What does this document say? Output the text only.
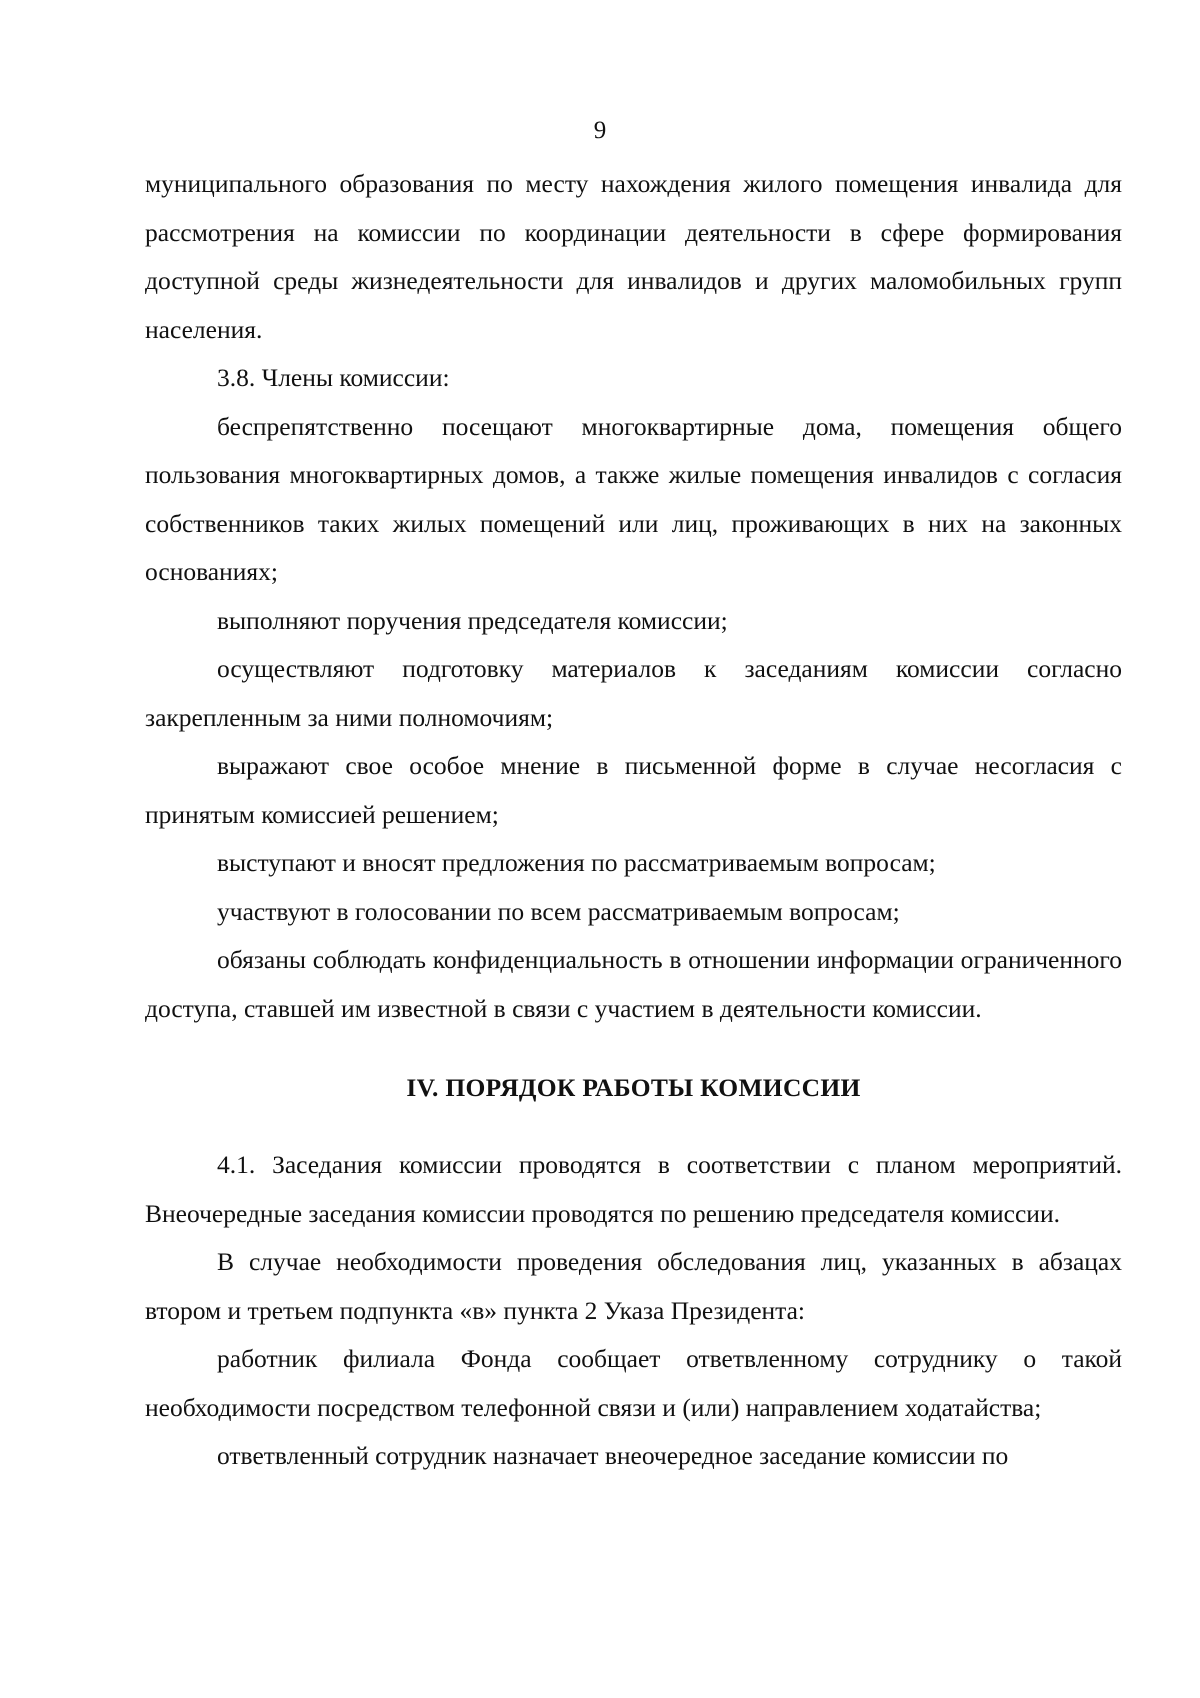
9

муниципального образования по месту нахождения жилого помещения инвалида для рассмотрения на комиссии по координации деятельности в сфере формирования доступной среды жизнедеятельности для инвалидов и других маломобильных групп населения.

3.8. Члены комиссии:

беспрепятственно посещают многоквартирные дома, помещения общего пользования многоквартирных домов, а также жилые помещения инвалидов с согласия собственников таких жилых помещений или лиц, проживающих в них на законных основаниях;

выполняют поручения председателя комиссии;

осуществляют подготовку материалов к заседаниям комиссии согласно закрепленным за ними полномочиям;

выражают свое особое мнение в письменной форме в случае несогласия с принятым комиссией решением;

выступают и вносят предложения по рассматриваемым вопросам;

участвуют в голосовании по всем рассматриваемым вопросам;

обязаны соблюдать конфиденциальность в отношении информации ограниченного доступа, ставшей им известной в связи с участием в деятельности комиссии.

IV. ПОРЯДОК РАБОТЫ КОМИССИИ

4.1. Заседания комиссии проводятся в соответствии с планом мероприятий. Внеочередные заседания комиссии проводятся по решению председателя комиссии.

В случае необходимости проведения обследования лиц, указанных в абзацах втором и третьем подпункта «в» пункта 2 Указа Президента:

работник филиала Фонда сообщает ответвленному сотруднику о такой необходимости посредством телефонной связи и (или) направлением ходатайства;

ответвленный сотрудник назначает внеочередное заседание комиссии по
